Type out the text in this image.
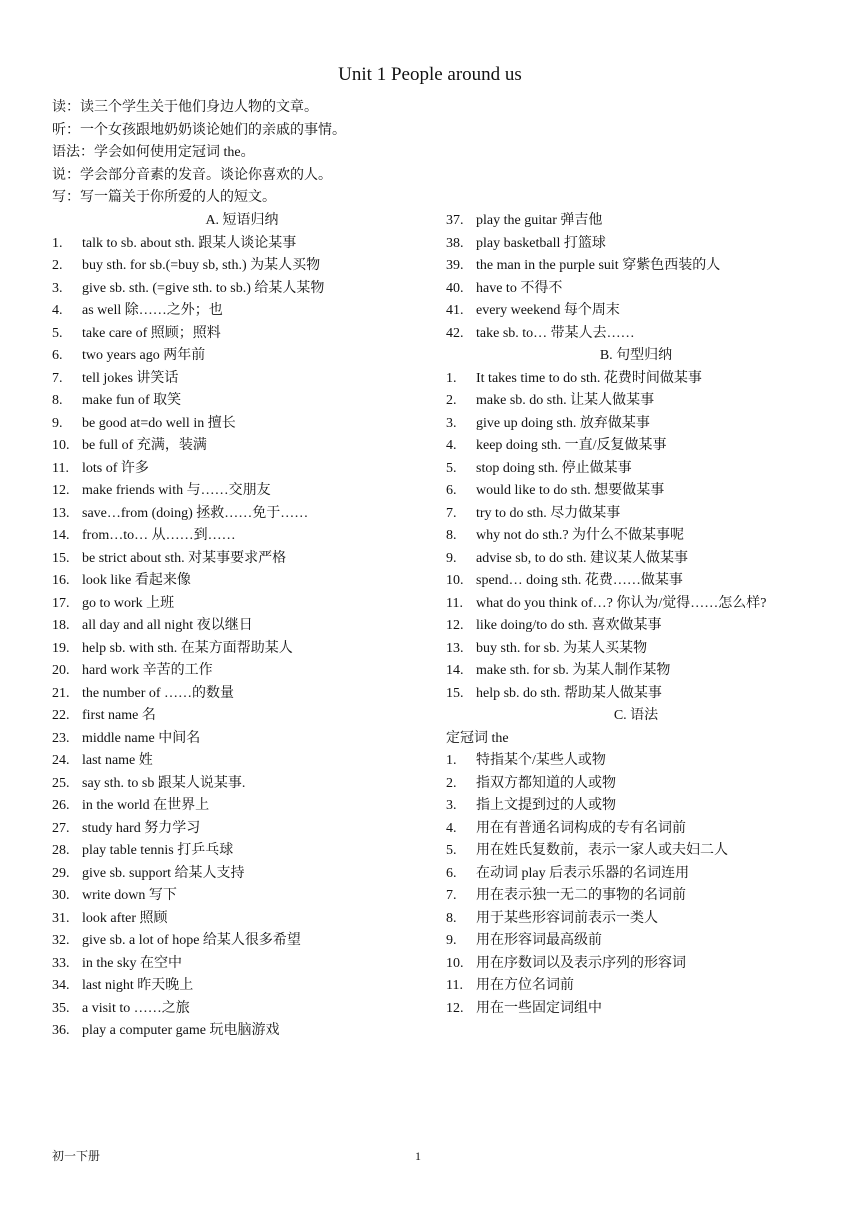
Unit 1 People around us
读：读三个学生关于他们身边人物的文章。
听：一个女孩跟地奶奶谈论她们的亲戚的事情。
语法：学会如何使用定冠词 the。
说：学会部分音素的发音。谈论你喜欢的人。
写：写一篇关于你所爱的人的短文。
A. 短语归纳
1. talk to sb. about sth. 跟某人谈论某事
2. buy sth. for sb.(=buy sb, sth.) 为某人买物
3. give sb. sth. (=give sth. to sb.) 给某人某物
4. as well 除……之外；也
5. take care of 照顾；照料
6. two years ago 两年前
7. tell jokes 讲笑话
8. make fun of 取笑
9. be good at=do well in 擅长
10. be full of 充满，装满
11. lots of 许多
12. make friends with 与……交朋友
13. save…from (doing) 拯救……免于……
14. from…to… 从……到……
15. be strict about sth. 对某事要求严格
16. look like 看起来像
17. go to work 上班
18. all day and all night 夜以继日
19. help sb. with sth. 在某方面帮助某人
20. hard work 辛苦的工作
21. the number of ……的数量
22. first name 名
23. middle name 中间名
24. last name 姓
25. say sth. to sb 跟某人说某事.
26. in the world 在世界上
27. study hard 努力学习
28. play table tennis 打乒乓球
29. give sb. support 给某人支持
30. write down 写下
31. look after 照顾
32. give sb. a lot of hope 给某人很多希望
33. in the sky 在空中
34. last night 昨天晚上
35. a visit to ……之旅
36. play a computer game 玩电脑游戏
37. play the guitar 弹吉他
38. play basketball 打篮球
39. the man in the purple suit 穿紫色西装的人
40. have to 不得不
41. every weekend 每个周末
42. take sb. to… 带某人去……
B. 句型归纳
1. It takes time to do sth. 花费时间做某事
2. make sb. do sth. 让某人做某事
3. give up doing sth. 放弃做某事
4. keep doing sth. 一直/反复做某事
5. stop doing sth. 停止做某事
6. would like to do sth. 想要做某事
7. try to do sth. 尽力做某事
8. why not do sth.? 为什么不做某事呢
9. advise sb, to do sth. 建议某人做某事
10. spend… doing sth. 花费……做某事
11. what do you think of…? 你认为/觉得……怎么样?
12. like doing/to do sth. 喜欢做某事
13. buy sth. for sb. 为某人买某物
14. make sth. for sb. 为某人制作某物
15. help sb. do sth. 帮助某人做某事
C. 语法
定冠词 the
1. 特指某个/某些人或物
2. 指双方都知道的人或物
3. 指上文提到过的人或物
4. 用在有普通名词构成的专有名词前
5. 用在姓氏复数前，表示一家人或夫妇二人
6. 在动词 play 后表示乐器的名词连用
7. 用在表示独一无二的事物的名词前
8. 用于某些形容词前表示一类人
9. 用在形容词最高级前
10. 用在序数词以及表示序列的形容词
11. 用在方位名词前
12. 用在一些固定词组中
初一下册	1
